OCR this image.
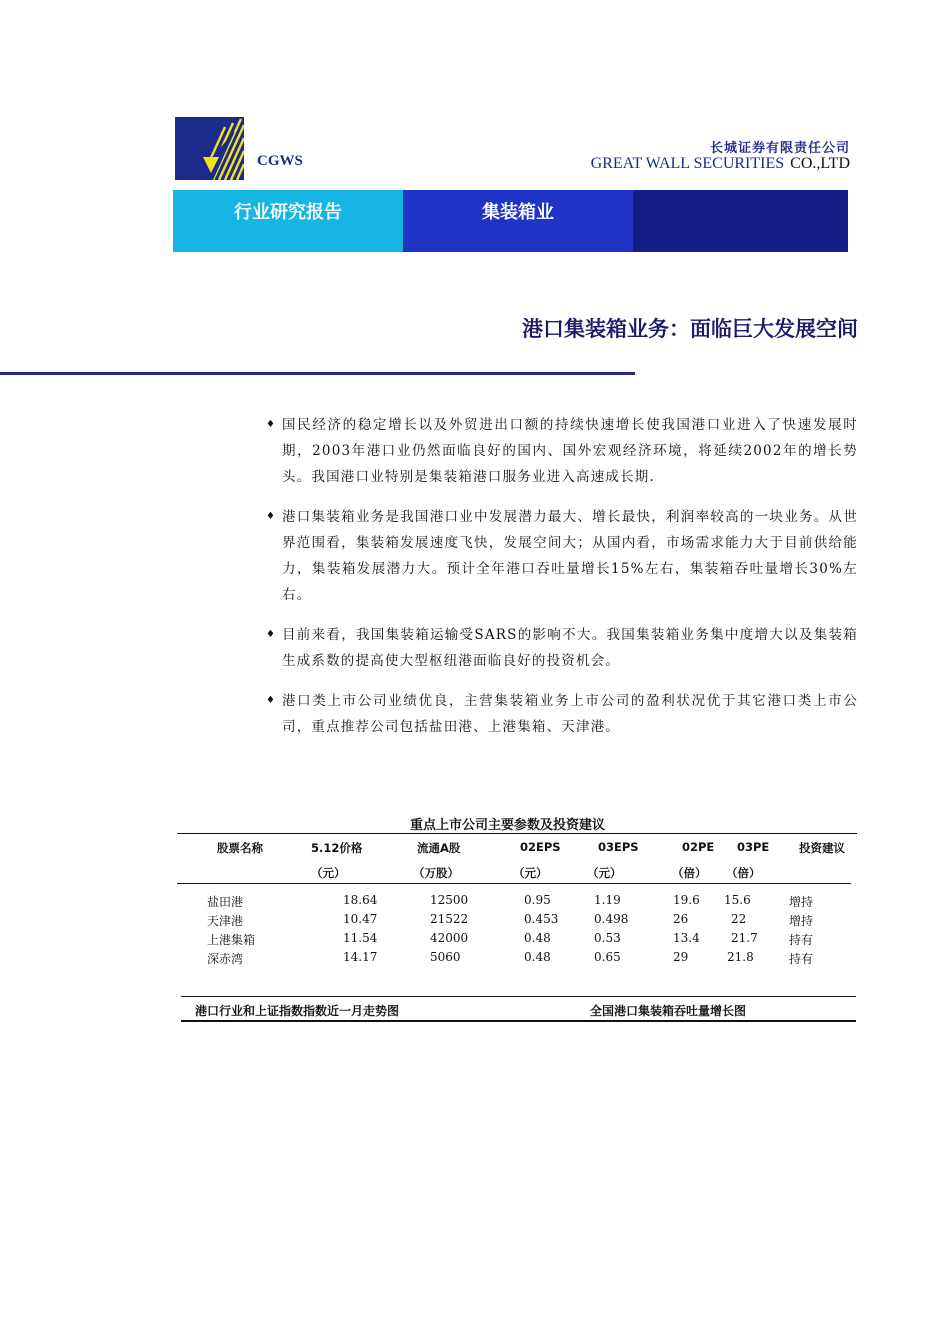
CGWS
长城证券有限责任公司
GREAT WALL SECURITIES CO.,LTD
行业研究报告	集装箱业
港口集装箱业务：面临巨大发展空间
♦ 国民经济的稳定增长以及外贸进出口额的持续快速增长使我国港口业进入了快速发展时期，2003年港口业仍然面临良好的国内、国外宏观经济环境，将延续2002年的增长势头。我国港口业特别是集装箱港口服务业进入高速成长期.
♦ 港口集装箱业务是我国港口业中发展潜力最大、增长最快，利润率较高的一块业务。从世界范围看，集装箱发展速度飞快，发展空间大；从国内看，市场需求能力大于目前供给能力，集装箱发展潜力大。预计全年港口吞吐量增长15%左右，集装箱吞吐量增长30%左右。
♦ 目前来看，我国集装箱运输受SARS的影响不大。我国集装箱业务集中度增大以及集装箱生成系数的提高使大型枢纽港面临良好的投资机会。
♦ 港口类上市公司业绩优良，主营集装箱业务上市公司的盈利状况优于其它港口类上市公司，重点推荐公司包括盐田港、上港集箱、天津港。
重点上市公司主要参数及投资建议
股票名称	5.12价格	流通A股	02EPS	03EPS	02PE 03PE	投资建议
（元）	（万股）	（元）	（元）	（倍） （倍）
盐田港	18.64	12500	0.95	1.19	19.6 15.6	增持
天津港	10.47	21522	0.453	0.498	26	22	增持
上港集箱	11.54	42000	0.48	0.53	13.4	21.7	持有
深赤湾	14.17	5060	0.48	0.65	29	21.8	持有
港口行业和上证指数指数近一月走势图	全国港口集装箱吞吐量增长图
